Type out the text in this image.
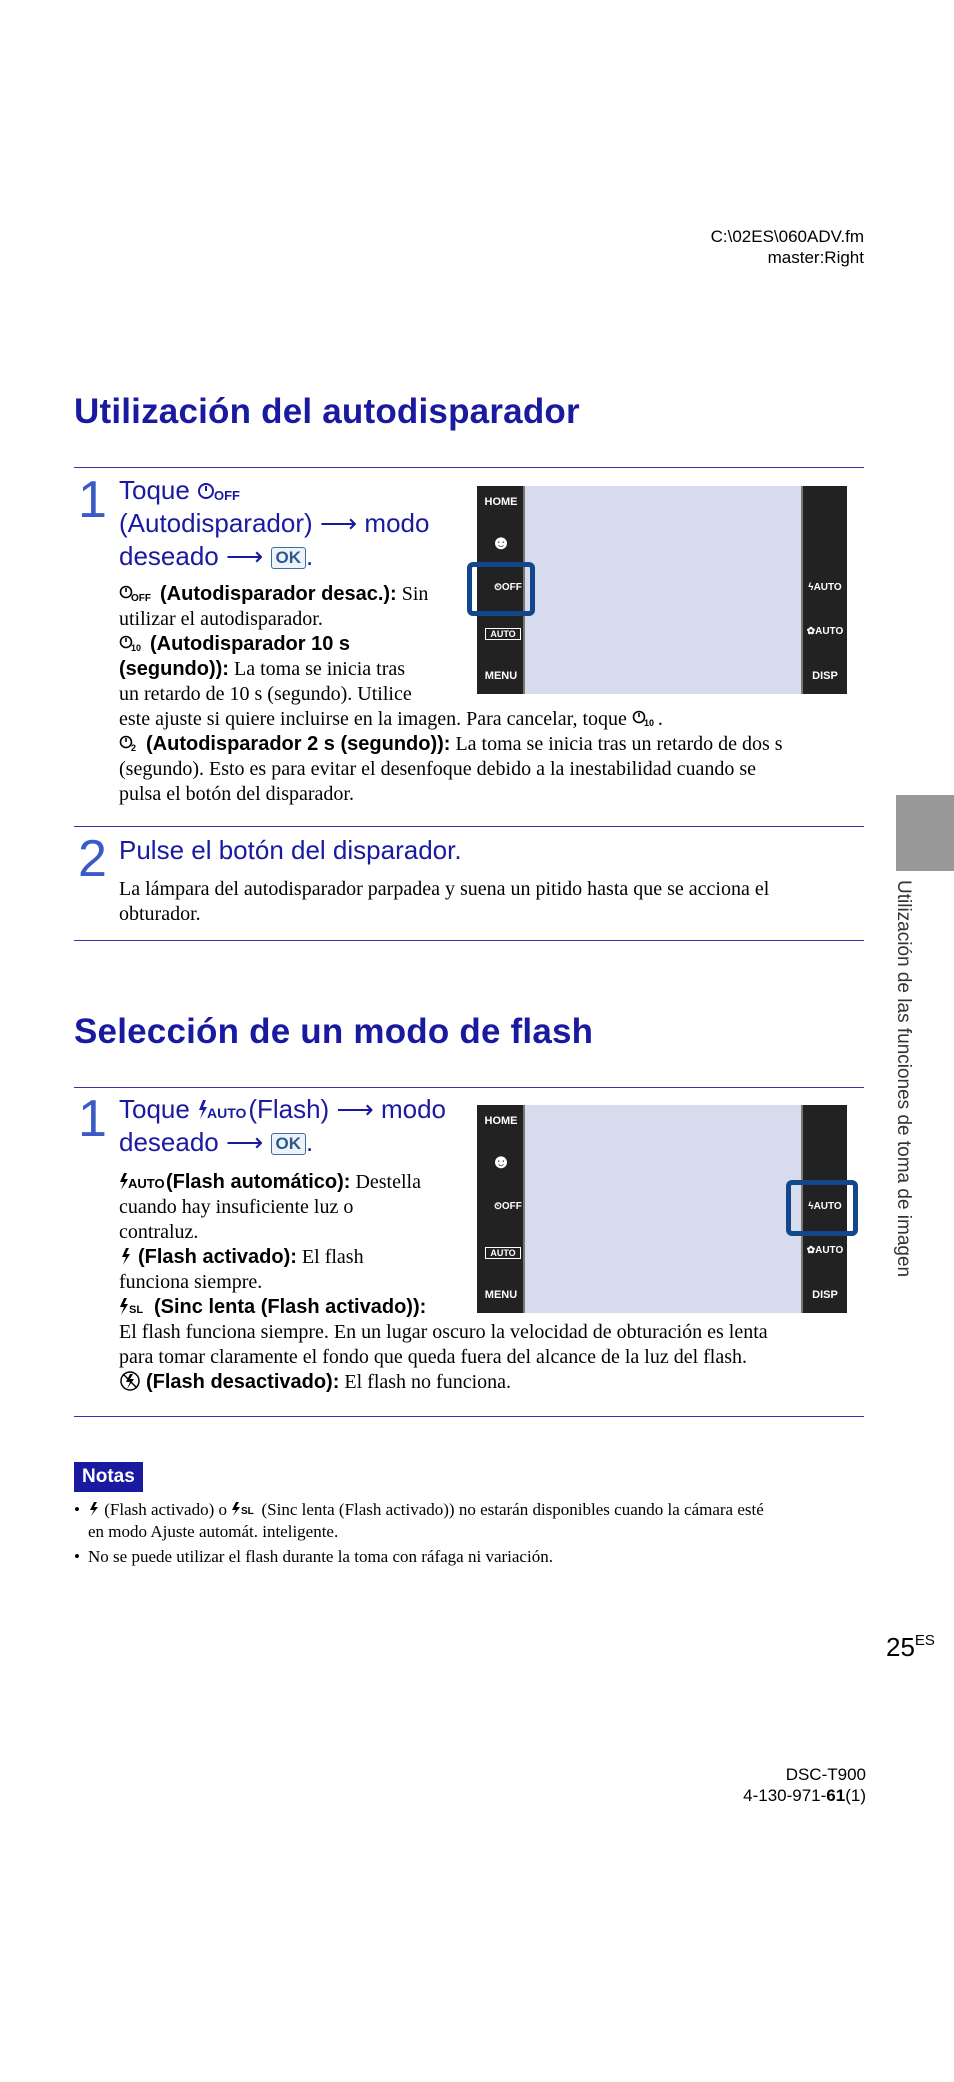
C:\02ES\060ADV.fm
master:Right
Utilización del autodisparador
1 Toque OFF
(Autodisparador) ⟶ modo
deseado ⟶ OK .
OFF (Autodisparador desac.): Sin
utilizar el autodisparador.
10 (Autodisparador 10 s
(segundo)): La toma se inicia tras
un retardo de 10 s (segundo). Utilice
este ajuste si quiere incluirse en la imagen. Para cancelar, toque 10 .
2 (Autodisparador 2 s (segundo)): La toma se inicia tras un retardo de dos s
(segundo). Esto es para evitar el desenfoque debido a la inestabilidad cuando se
pulsa el botón del disparador.
HOME
☻
⏲OFF
AUTO
MENU
ϟAUTO
✿AUTO
DISP
2 Pulse el botón del disparador.
La lámpara del autodisparador parpadea y suena un pitido hasta que se acciona el
obturador.	Utilización de las funciones de toma de imagen
Selección de un modo de flash
1 Toque AUTO (Flash) ⟶ modo
deseado ⟶ OK .
AUTO (Flash automático): Destella
cuando hay insuficiente luz o
contraluz.
(Flash activado): El flash
funciona siempre.
SL (Sinc lenta (Flash activado)):
El flash funciona siempre. En un lugar oscuro la velocidad de obturación es lenta
para tomar claramente el fondo que queda fuera del alcance de la luz del flash.
(Flash desactivado): El flash no funciona.
HOME
☻
⏲OFF
AUTO
MENU
ϟAUTO
✿AUTO
DISP
Notas
•	(Flash activado) o SL (Sinc lenta (Flash activado)) no estarán disponibles cuando la cámara esté
en modo Ajuste automát. inteligente.
• No se puede utilizar el flash durante la toma con ráfaga ni variación.
$25^{ES}$
DSC-T900
4-130-971-61(1)
